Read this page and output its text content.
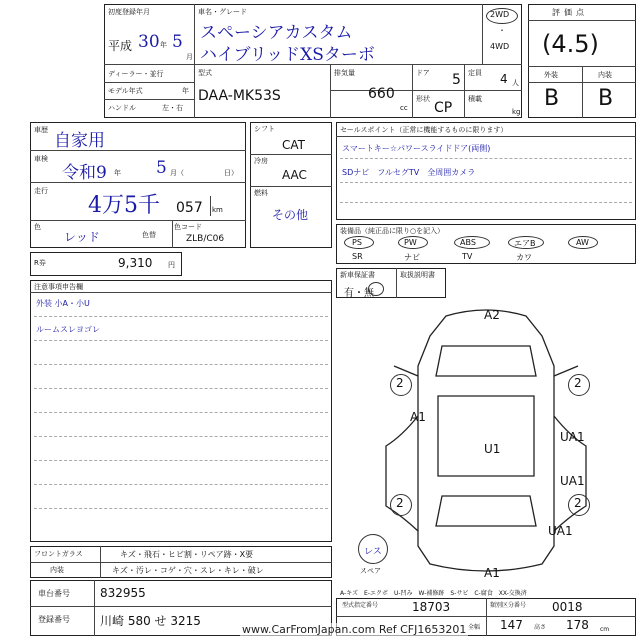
初度登録年月
平成 30 年 5
月
車名・グレード
スペーシアカスタム
ハイブリッドXSターボ
2WD
・
4WD
ディーラー・並行
モデル年式	年
ハンドル	左・右
型式
DAA-MK53S
排気量
660
cc
ドア 5 定員 4 人
形状
CP
積載
kg
評価点
(4.5)
外装	内装
B B
車歴
自家用
車検
令和9 年 5 月（	日）
走行
4万5千 057 km
色
レッド	色替
色コード
ZLB/C06
シフト
CAT
冷房
AAC
燃料
その他
R券	9,310 円
セールスポイント（正常に機能するものに限ります）
スマートキー☆パワースライドドア(両側)
SDナビ　フルセグTV　全周囲カメラ
装備品（純正品に限り○を記入）
PS	PW	ABS	エアB	AW
SR	ナビ	TV	カワ
新車保証書
有・無
取扱説明書
注意事項申告欄
外装 小A・小U
ルームスレヨゴレ
A2
2	2
A1
UA1
U1
UA1
2	2
UA1
A1
レス
スペア
A-キズ　E-エクボ　U-凹み　W-補修跡　S-サビ　C-腐食　XX-交換済
フロントガラス	キズ・飛石・ヒビ割・リペア跡・X要
内装	キズ・汚レ・コゲ・穴・スレ・キレ・破レ
車台番号	832955
登録番号	川崎 580 せ 3215
型式指定番号	18703	類別区分番号 0018
全幅 147 高さ 178 cm
www.CarFromJapan.com Ref CFJ1653201
